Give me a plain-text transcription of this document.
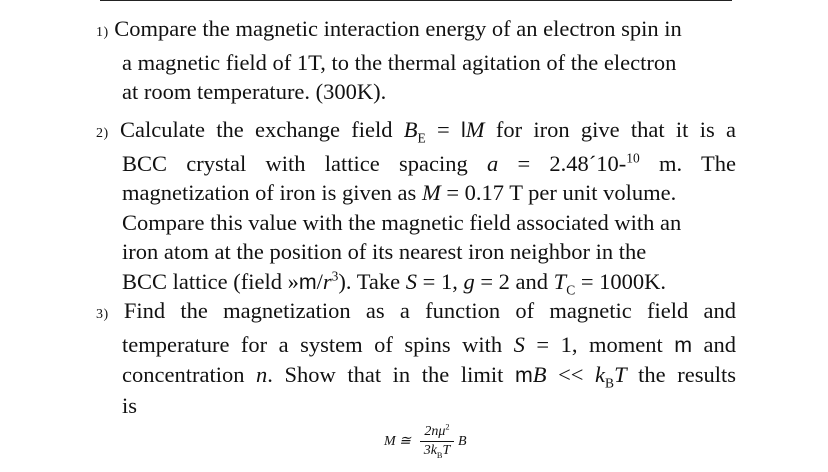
1) Compare the magnetic interaction energy of an electron spin in
a magnetic field of 1T, to the thermal agitation of the electron
at room temperature. (300K).
2) Calculate the exchange field $B_E$ = lM for iron give that it is a
BCC crystal with lattice spacing a = 2.48´10-$^{10}$ m. The
magnetization of iron is given as M = 0.17 T per unit volume.
Compare this value with the magnetic field associated with an
iron atom at the position of its nearest iron neighbor in the
BCC lattice (field $»m/r^3$). Take S = 1, g = 2 and $T_C = 1000K$.
3) Find the magnetization as a function of magnetic field and
temperature for a system of spins with S = 1, moment m and
concentration n. Show that in the limit mB << $k_BT$ the results
is
M ≅
$2n\mu^2$
$3k_BT$
B
